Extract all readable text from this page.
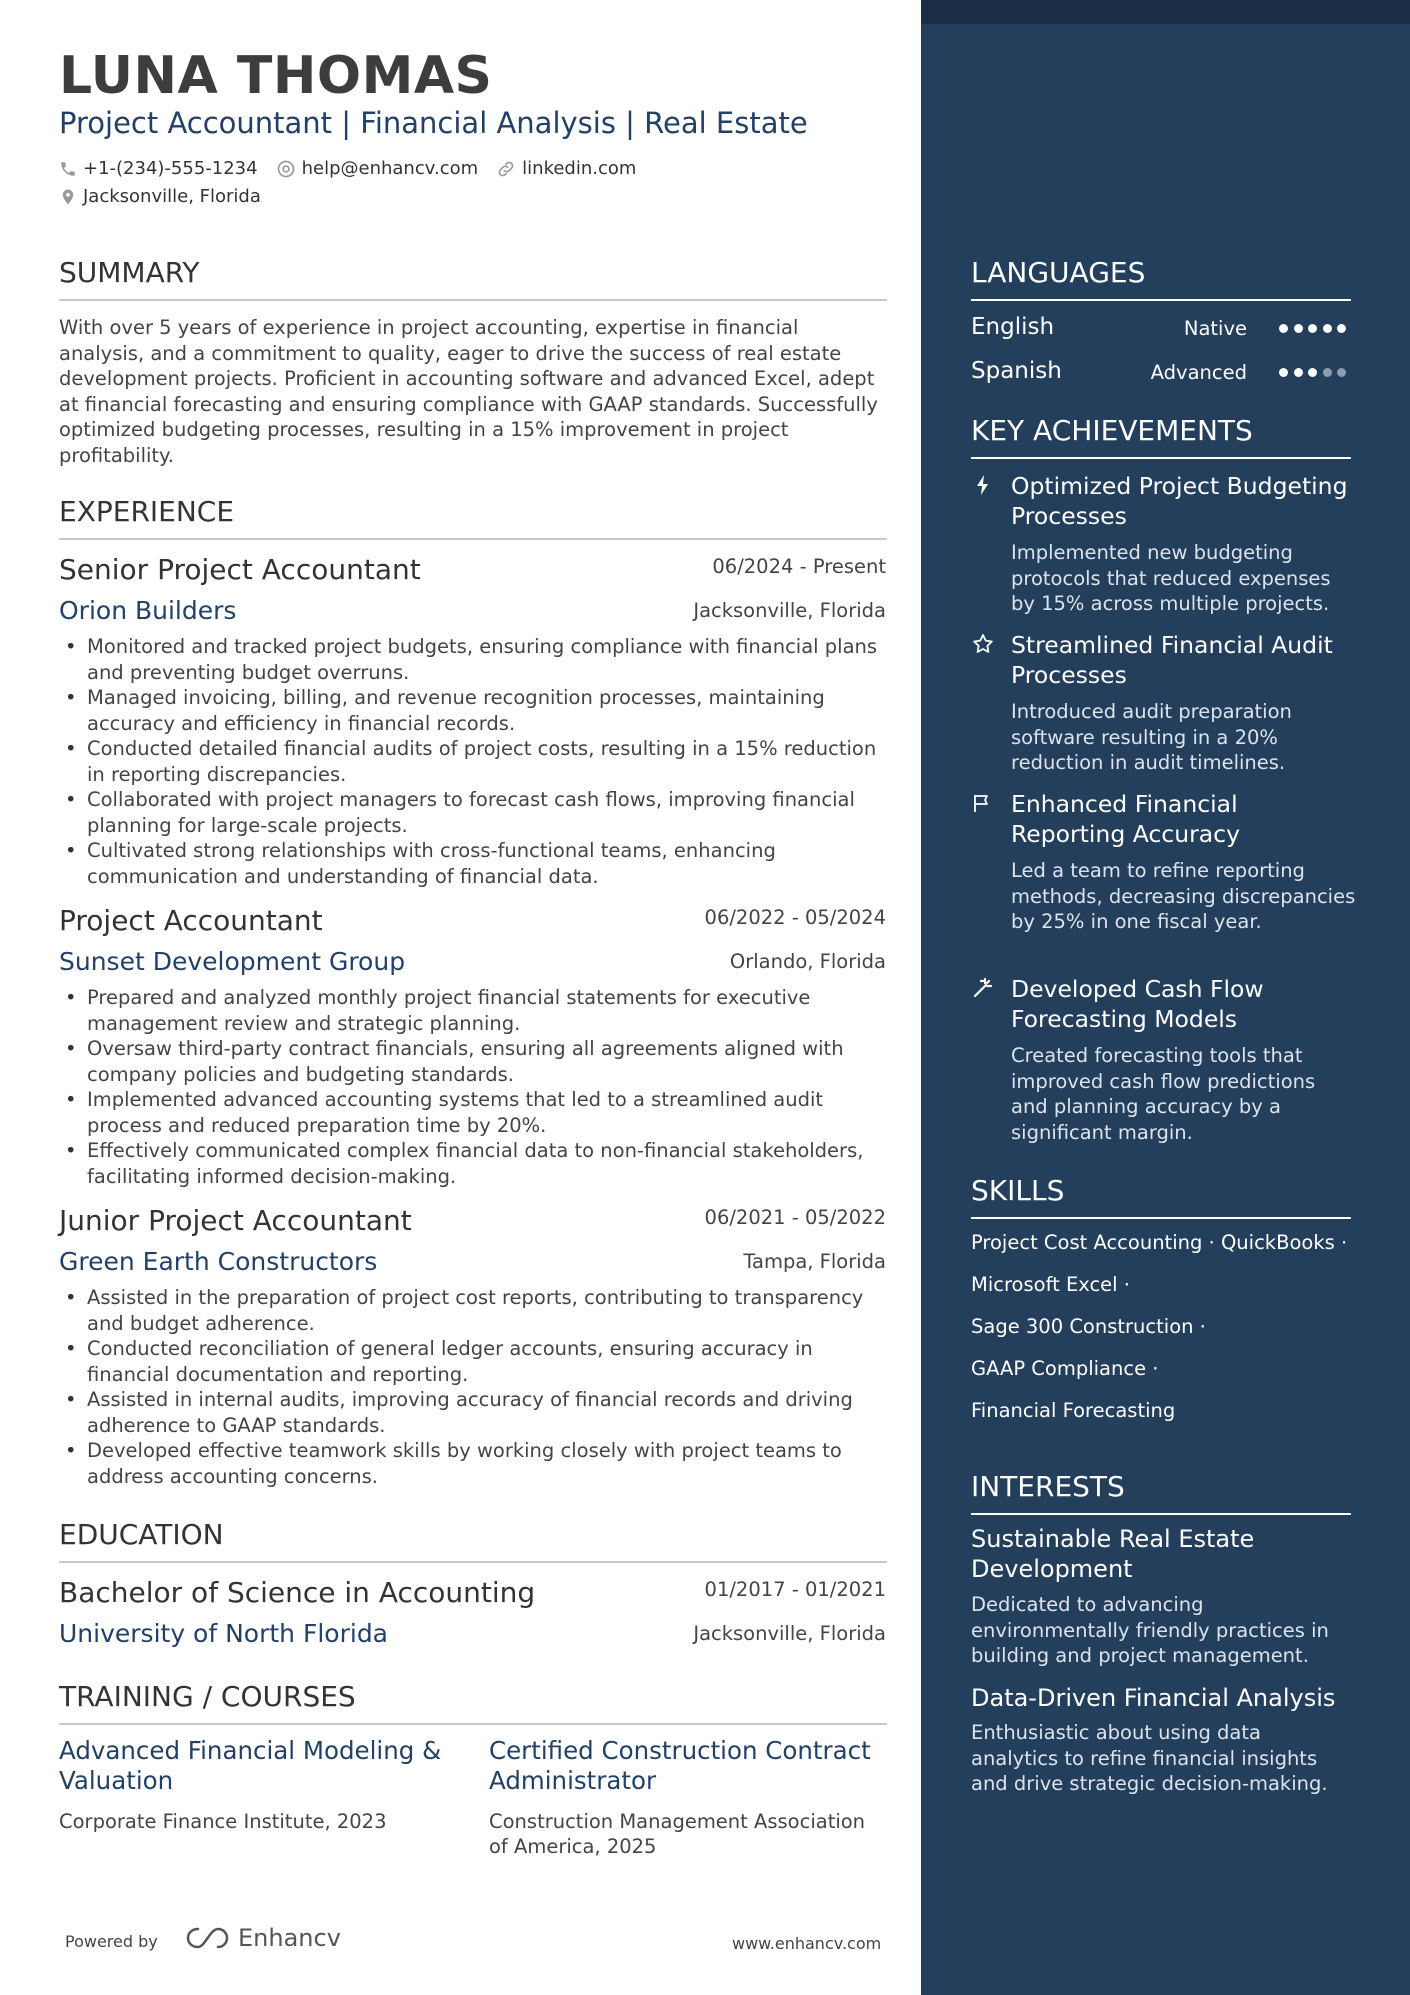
LUNA THOMAS
Project Accountant | Financial Analysis | Real Estate
+1-(234)-555-1234 help@enhancv.com linkedin.com
Jacksonville, Florida
SUMMARY
With over 5 years of experience in project accounting, expertise in financial analysis, and a commitment to quality, eager to drive the success of real estate development projects. Proficient in accounting software and advanced Excel, adept at financial forecasting and ensuring compliance with GAAP standards. Successfully optimized budgeting processes, resulting in a 15% improvement in project profitability.
EXPERIENCE
Senior Project Accountant	06/2024 - Present
Orion Builders	Jacksonville, Florida
• Monitored and tracked project budgets, ensuring compliance with financial plans and preventing budget overruns.
• Managed invoicing, billing, and revenue recognition processes, maintaining accuracy and efficiency in financial records.
• Conducted detailed financial audits of project costs, resulting in a 15% reduction in reporting discrepancies.
• Collaborated with project managers to forecast cash flows, improving financial planning for large-scale projects.
• Cultivated strong relationships with cross-functional teams, enhancing communication and understanding of financial data.
Project Accountant	06/2022 - 05/2024
Sunset Development Group	Orlando, Florida
• Prepared and analyzed monthly project financial statements for executive management review and strategic planning.
• Oversaw third-party contract financials, ensuring all agreements aligned with company policies and budgeting standards.
• Implemented advanced accounting systems that led to a streamlined audit process and reduced preparation time by 20%.
• Effectively communicated complex financial data to non-financial stakeholders, facilitating informed decision-making.
Junior Project Accountant	06/2021 - 05/2022
Green Earth Constructors	Tampa, Florida
• Assisted in the preparation of project cost reports, contributing to transparency and budget adherence.
• Conducted reconciliation of general ledger accounts, ensuring accuracy in financial documentation and reporting.
• Assisted in internal audits, improving accuracy of financial records and driving adherence to GAAP standards.
• Developed effective teamwork skills by working closely with project teams to address accounting concerns.
EDUCATION
Bachelor of Science in Accounting	01/2017 - 01/2021
University of North Florida	Jacksonville, Florida
TRAINING / COURSES
Advanced Financial Modeling & Valuation
Corporate Finance Institute, 2023
Certified Construction Contract Administrator
Construction Management Association of America, 2025
Powered by	Enhancv	www.enhancv.com
LANGUAGES
English	Native
Spanish	Advanced
KEY ACHIEVEMENTS
Optimized Project Budgeting Processes
Implemented new budgeting protocols that reduced expenses by 15% across multiple projects.
Streamlined Financial Audit Processes
Introduced audit preparation software resulting in a 20% reduction in audit timelines.
Enhanced Financial Reporting Accuracy
Led a team to refine reporting methods, decreasing discrepancies by 25% in one fiscal year.
Developed Cash Flow Forecasting Models
Created forecasting tools that improved cash flow predictions and planning accuracy by a significant margin.
SKILLS
Project Cost Accounting · QuickBooks ·
Microsoft Excel ·
Sage 300 Construction ·
GAAP Compliance ·
Financial Forecasting
INTERESTS
Sustainable Real Estate Development
Dedicated to advancing environmentally friendly practices in building and project management.
Data-Driven Financial Analysis
Enthusiastic about using data analytics to refine financial insights and drive strategic decision-making.
